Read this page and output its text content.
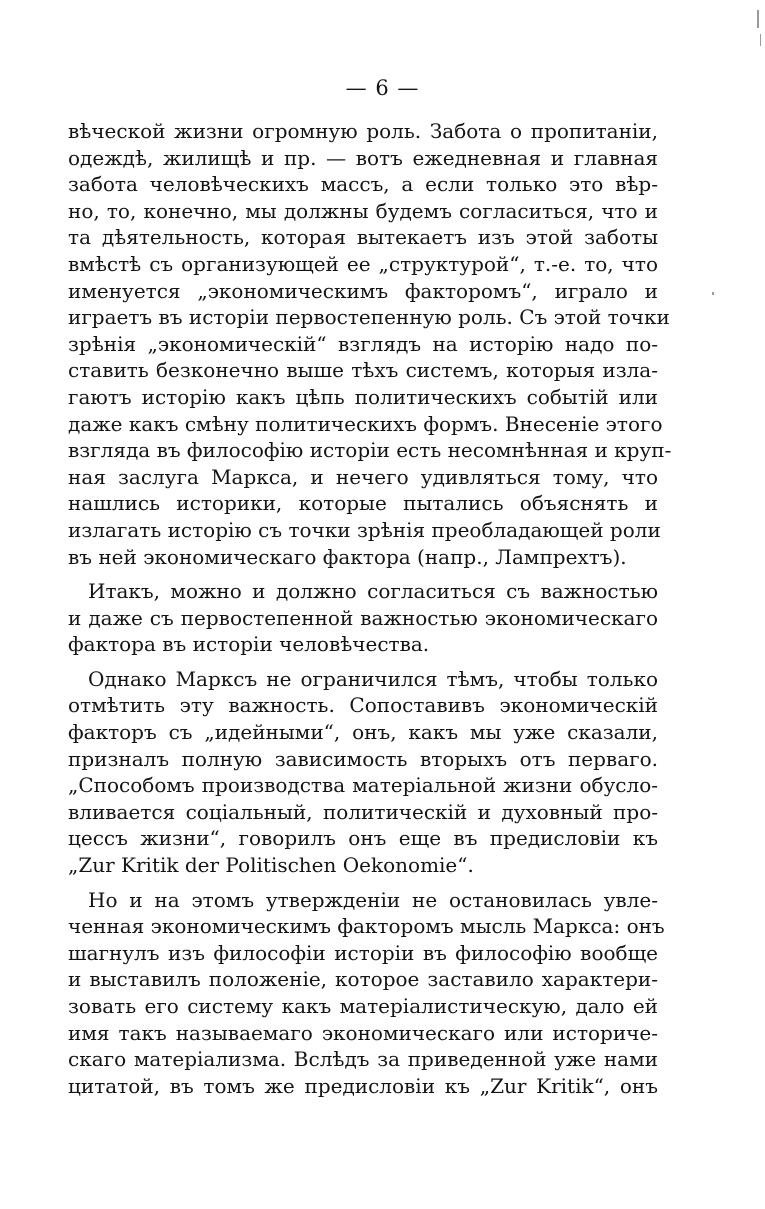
— 6 —
вѣческой жизни огромную роль. Забота о пропитаніи,
одеждѣ, жилищѣ и пр. — вотъ ежедневная и главная
забота человѣческихъ массъ, а если только это вѣр-
но, то, конечно, мы должны будемъ согласиться, что и
та дѣятельность, которая вытекаетъ изъ этой заботы
вмѣстѣ съ организующей ее „структурой“, т.-е. то, что
именуется „экономическимъ факторомъ“, играло и
играетъ въ исторіи первостепенную роль. Съ этой точки
зрѣнія „экономическій“ взглядъ на исторію надо по-
ставить безконечно выше тѣхъ системъ, которыя изла-
гаютъ исторію какъ цѣпь политическихъ событій или
даже какъ смѣну политическихъ формъ. Внесеніе этого
взгляда въ философію исторіи есть несомнѣнная и круп-
ная заслуга Маркса, и нечего удивляться тому, что
нашлись историки, которые пытались объяснять и
излагать исторію съ точки зрѣнія преобладающей роли
въ ней экономическаго фактора (напр., Лампрехтъ).
Итакъ, можно и должно согласиться съ важностью
и даже съ первостепенной важностью экономическаго
фактора въ исторіи человѣчества.
Однако Марксъ не ограничился тѣмъ, чтобы только
отмѣтить эту важность. Сопоставивъ экономическій
факторъ съ „идейными“, онъ, какъ мы уже сказали,
призналъ полную зависимость вторыхъ отъ перваго.
„Способомъ производства матеріальной жизни обусло-
вливается соціальный, политическій и духовный про-
цессъ жизни“, говорилъ онъ еще въ предисловіи къ
„Zur Kritik der Politischen Oekonomie“.
Но и на этомъ утвержденіи не остановилась увле-
ченная экономическимъ факторомъ мысль Маркса: онъ
шагнулъ изъ философіи исторіи въ философію вообще
и выставилъ положеніе, которое заставило характери-
зовать его систему какъ матеріалистическую, дало ей
имя такъ называемаго экономическаго или историче-
скаго матеріализма. Вслѣдъ за приведенной уже нами
цитатой, въ томъ же предисловіи къ „Zur Kritik“, онъ
